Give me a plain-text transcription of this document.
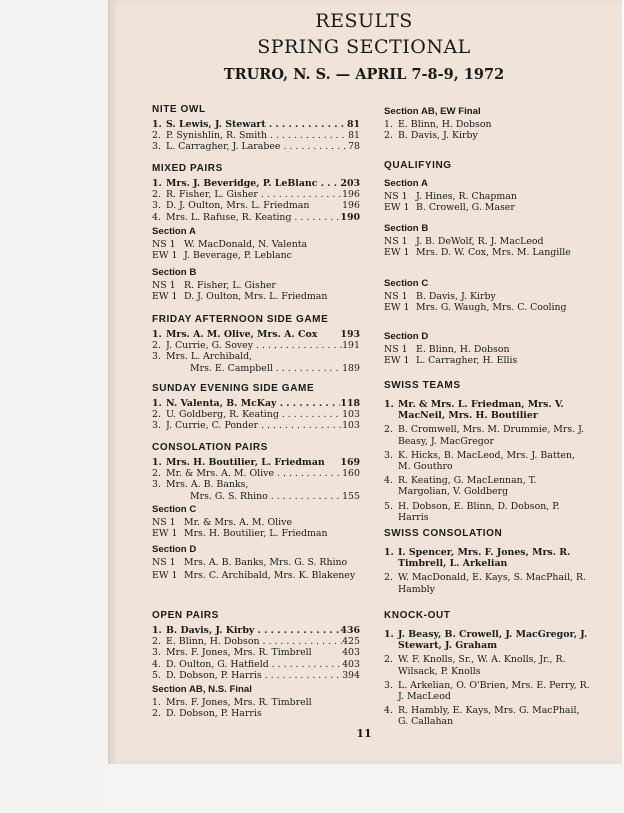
RESULTS
SPRING SECTIONAL
TRURO, N. S. — APRIL 7-8-9, 1972
NITE OWL
1. S. Lewis, J. Stewart . . .	81
2. P. Synishlin, R. Smith . . .	81
3. L. Carragher, J. Larabee . . .	78
MIXED PAIRS
1. Mrs. J. Beveridge, P. LeBlanc . . .	203
2. R. Fisher, L. Gisher . . .	196
3. D. J. Oulton, Mrs. L. Friedman	196
4. Mrs. L. Rafuse, R. Keating . . .	190
Section A
NS 1 W. MacDonald, N. Valenta
EW 1 J. Beverage, P. Leblanc
Section B
NS 1 R. Fisher, L. Gisher
EW 1 D. J. Oulton, Mrs. L. Friedman
FRIDAY AFTERNOON SIDE GAME
1. Mrs. A. M. Olive, Mrs. A. Cox	193
2. J. Currie, G. Sovey . . .	191
3. Mrs. L. Archibald,
Mrs. E. Campbell . . .	189
SUNDAY EVENING SIDE GAME
1. N. Valenta, B. McKay . . .	118
2. U. Goldberg, R. Keating . . .	103
3. J. Currie, C. Ponder . . .	103
CONSOLATION PAIRS
1. Mrs. H. Boutilier, L. Friedman	169
2. Mr. & Mrs. A. M. Olive . . .	160
3. Mrs. A. B. Banks,
Mrs. G. S. Rhino . . .	155
Section C
NS 1 Mr. & Mrs. A. M. Olive
EW 1 Mrs. H. Boutilier, L. Friedman
Section D
NS 1 Mrs. A. B. Banks, Mrs. G. S. Rhino
EW 1 Mrs. C. Archibald, Mrs. K. Blakeney
OPEN PAIRS
1. B. Davis, J. Kirby . . .	436
2. E. Blinn, H. Dobson . . .	425
3. Mrs. F. Jones, Mrs. R. Timbrell	403
4. D. Oulton, G. Hatfield . . .	403
5. D. Dobson, P. Harris . . .	394
Section AB, N.S. Final
1. Mrs. F. Jones, Mrs. R. Timbrell
2. D. Dobson, P. Harris
Section AB, EW Final
1. E. Blinn, H. Dobson
2. B. Davis, J. Kirby
QUALIFYING
Section A
NS 1 J. Hines, R. Chapman
EW 1 B. Crowell, G. Maser
Section B
NS 1 J. B. DeWolf, R. J. MacLeod
EW 1 Mrs. D. W. Cox, Mrs. M. Langille
Section C
NS 1 B. Davis, J. Kirby
EW 1 Mrs. G. Waugh, Mrs. C. Cooling
Section D
NS 1 E. Blinn, H. Dobson
EW 1 L. Carragher, H. Ellis
SWISS TEAMS
1. Mr. & Mrs. L. Friedman, Mrs. V. MacNeil, Mrs. H. Boutilier
2. B. Cromwell, Mrs. M. Drummie, Mrs. J. Beasy, J. MacGregor
3. K. Hicks, B. MacLeod, Mrs. J. Batten, M. Gouthro
4. R. Keating, G. MacLennan, T. Margolian, V. Goldberg
5. H. Dobson, E. Blinn, D. Dobson, P. Harris
SWISS CONSOLATION
1. I. Spencer, Mrs. F. Jones, Mrs. R. Timbrell, L. Arkelian
2. W. MacDonald, E. Kays, S. MacPhail, R. Hambly
KNOCK-OUT
1. J. Beasy, B. Crowell, J. MacGregor, J. Stewart, J. Graham
2. W. F. Knolls, Sr., W. A. Knolls, Jr., R. Wilsack, P. Knolls
3. L. Arkelian, O. O'Brien, Mrs. E. Perry, R. J. MacLeod
4. R. Hambly, E. Kays, Mrs. G. MacPhail, G. Callahan
11
